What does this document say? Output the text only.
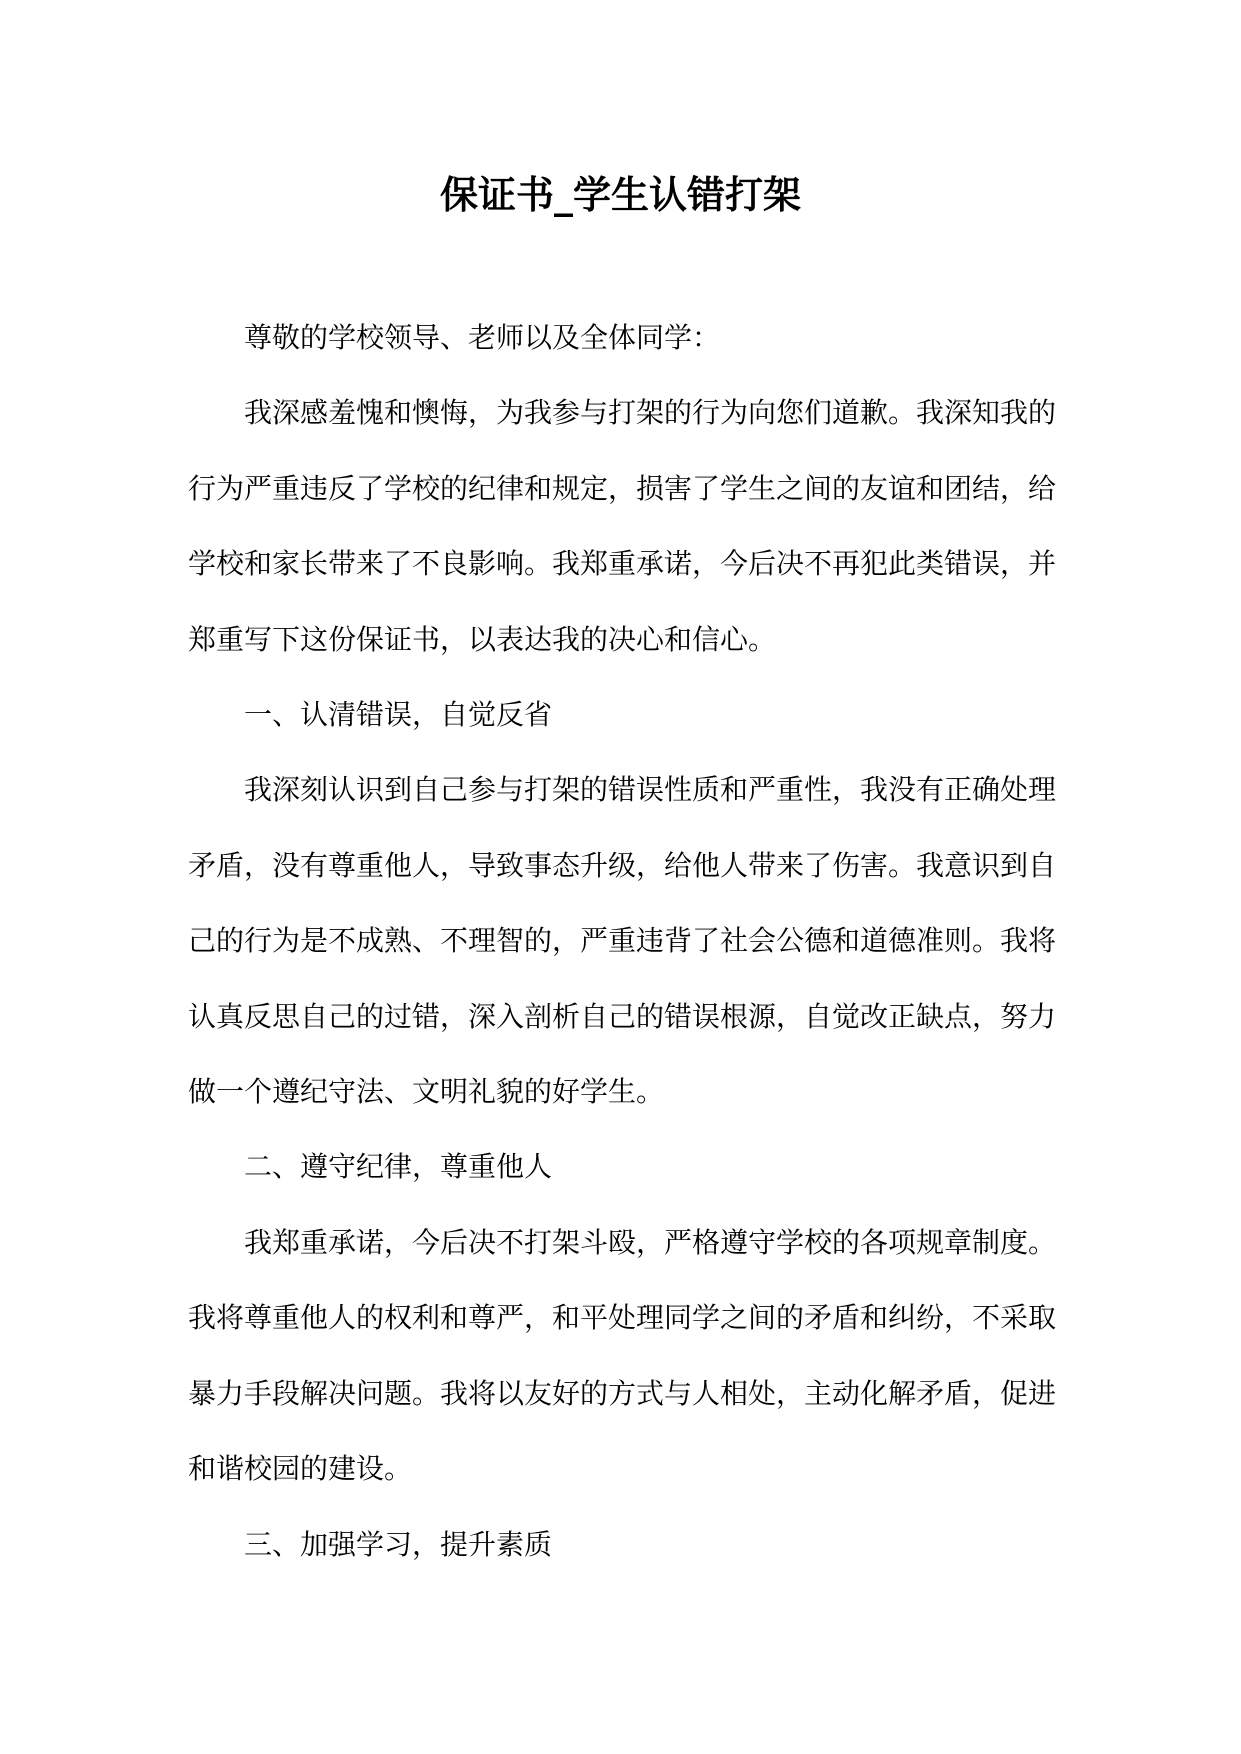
保证书_学生认错打架

尊敬的学校领导、老师以及全体同学：

我深感羞愧和懊悔，为我参与打架的行为向您们道歉。我深知我的行为严重违反了学校的纪律和规定，损害了学生之间的友谊和团结，给学校和家长带来了不良影响。我郑重承诺，今后决不再犯此类错误，并郑重写下这份保证书，以表达我的决心和信心。

一、认清错误，自觉反省

我深刻认识到自己参与打架的错误性质和严重性，我没有正确处理矛盾，没有尊重他人，导致事态升级，给他人带来了伤害。我意识到自己的行为是不成熟、不理智的，严重违背了社会公德和道德准则。我将认真反思自己的过错，深入剖析自己的错误根源，自觉改正缺点，努力做一个遵纪守法、文明礼貌的好学生。

二、遵守纪律，尊重他人

我郑重承诺，今后决不打架斗殴，严格遵守学校的各项规章制度。我将尊重他人的权利和尊严，和平处理同学之间的矛盾和纠纷，不采取暴力手段解决问题。我将以友好的方式与人相处，主动化解矛盾，促进和谐校园的建设。

三、加强学习，提升素质
